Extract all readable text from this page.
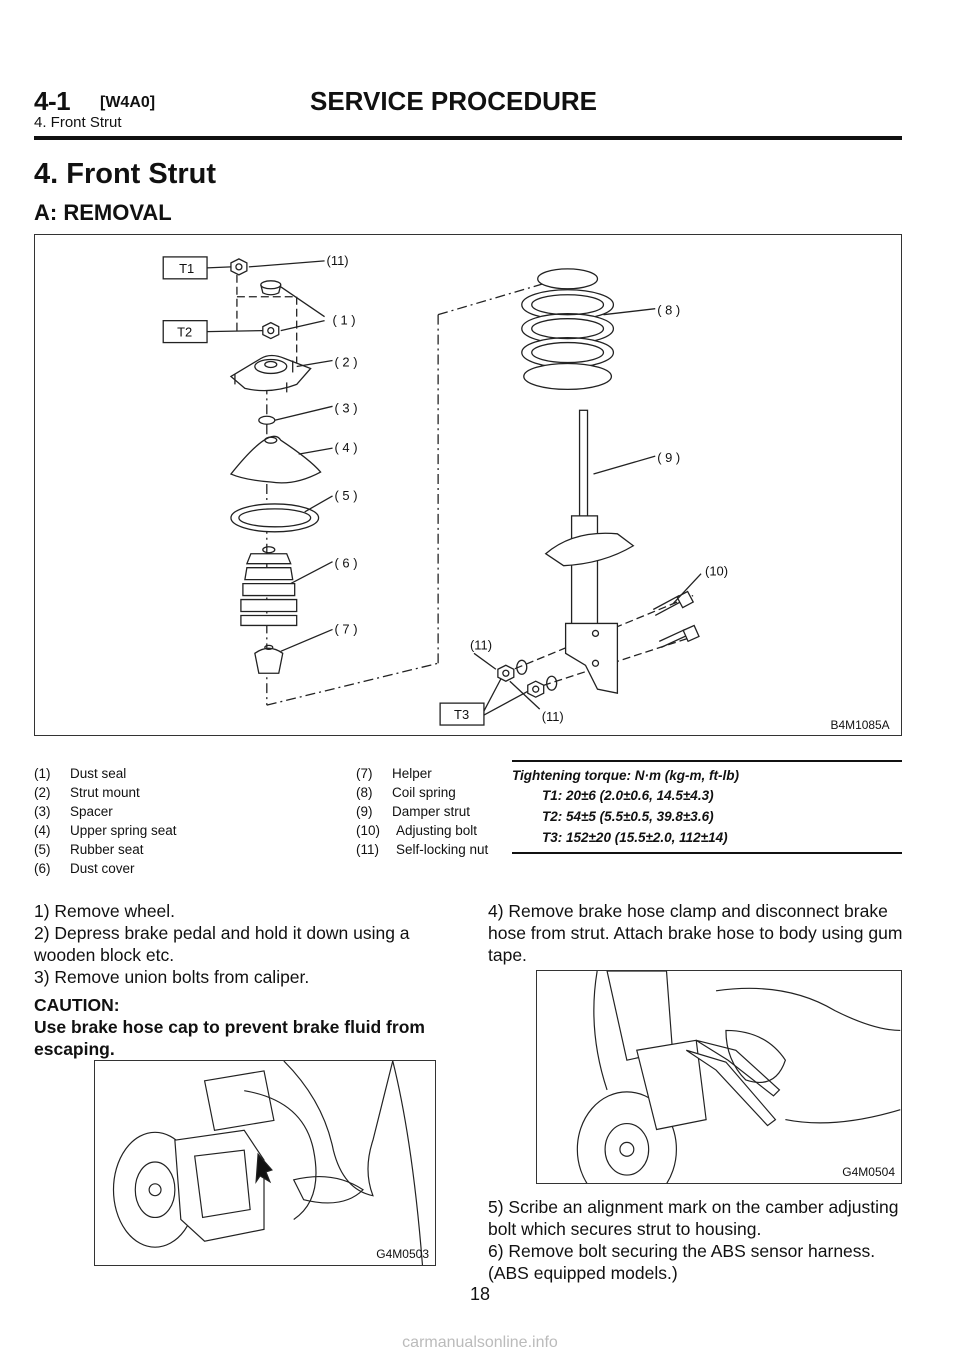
4-1 [W4A0]	SERVICE PROCEDURE
4. Front Strut
4. Front Strut
A: REMOVAL
T1
T2
T3
(11)
( 1 )
( 2 )
( 3 )
( 4 )
( 5 )
( 6 )
( 7 )
( 8 )
( 9 )
(10)
(11)
(11)
B4M1085A
(1)	Dust seal
(2)	Strut mount
(3)	Spacer
(4)	Upper spring seat
(5)	Rubber seat
(6)	Dust cover
(7)	Helper
(8)	Coil spring
(9)	Damper strut
(10)	Adjusting bolt
(11)	Self-locking nut
Tightening torque: N·m (kg-m, ft-lb)
T1: 20±6 (2.0±0.6, 14.5±4.3)
T2: 54±5 (5.5±0.5, 39.8±3.6)
T3: 152±20 (15.5±2.0, 112±14)

1) Remove wheel.

2) Depress brake pedal and hold it down using a wooden block etc.

3) Remove union bolts from caliper.

CAUTION:

Use brake hose cap to prevent brake fluid from escaping.

G4M0503

4) Remove brake hose clamp and disconnect brake hose from strut. Attach brake hose to body using gum tape.

G4M0504

5) Scribe an alignment mark on the camber adjusting bolt which secures strut to housing.

6) Remove bolt securing the ABS sensor harness. (ABS equipped models.)

18
carmanualsonline.info
